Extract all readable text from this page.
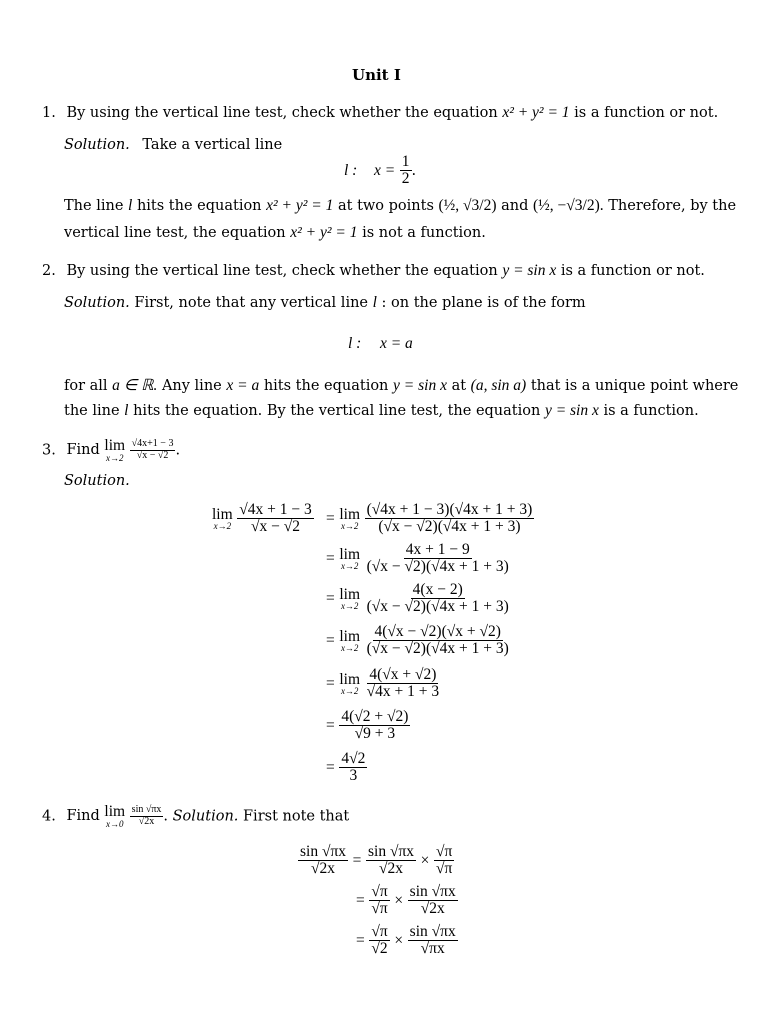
Unit I
1. By using the vertical line test, check whether the equation x² + y² = 1 is a function or not.
Solution. Take a vertical line
l : $x = \frac{1}{2}$ .
The line l hits the equation x² + y² = 1 at two points (½, √3/2) and (½, −√3/2). Therefore, by the
vertical line test, the equation x² + y² = 1 is not a function.
2. By using the vertical line test, check whether the equation y = sin x is a function or not.
Solution. First, note that any vertical line l : on the plane is of the form
l : x = a
for all a ∈ ℝ. Any line x = a hits the equation y = sin x at (a, sin a) that is a unique point where
the line l hits the equation. By the vertical line test, the equation y = sin x is a function.
3. Find lim
x→2
$\frac{√4x+1 - 3}{√x - √2}$ .
Solution.
lim
x→2
$\frac{√4x + 1 - 3}{√x - √2} = \lim$
x→2
$\frac{(√4x + 1 - 3)(√4x + 1 + 3)}{(√x - √2)(√4x + 1 + 3)}$
= lim
x→2
$\frac{4x + 1 - 9}{(√x - √2)(√4x + 1 + 3)}$
= lim
x→2
$\frac{4(x - 2)}{(√x - √2)(√4x + 1 + 3)}$
= lim
x→2
$\frac{4(√x - √2)(√x + √2)}{(√x - √2)(√4x + 1 + 3)}$
= lim
x→2
$\frac{4(√x + √2)}{√4x + 1 + 3}$
= $\frac{4(√2 + √2)}{√9 + 3}$
= $\frac{4√2}{3}$
4. Find lim
x→0
$\frac{\sin √\pi x}{√2x}$ . Solution. First note that
$\frac{\sin √\pi x}{√2x} = \frac{\sin √\pi x}{√2x} \times \frac{√\pi}{√\pi}$
= $\frac{√\pi}{√\pi} \times \frac{\sin √\pi x}{√2x}$
= $\frac{√\pi}{√2} \times \frac{\sin √\pi x}{√\pi x}$
